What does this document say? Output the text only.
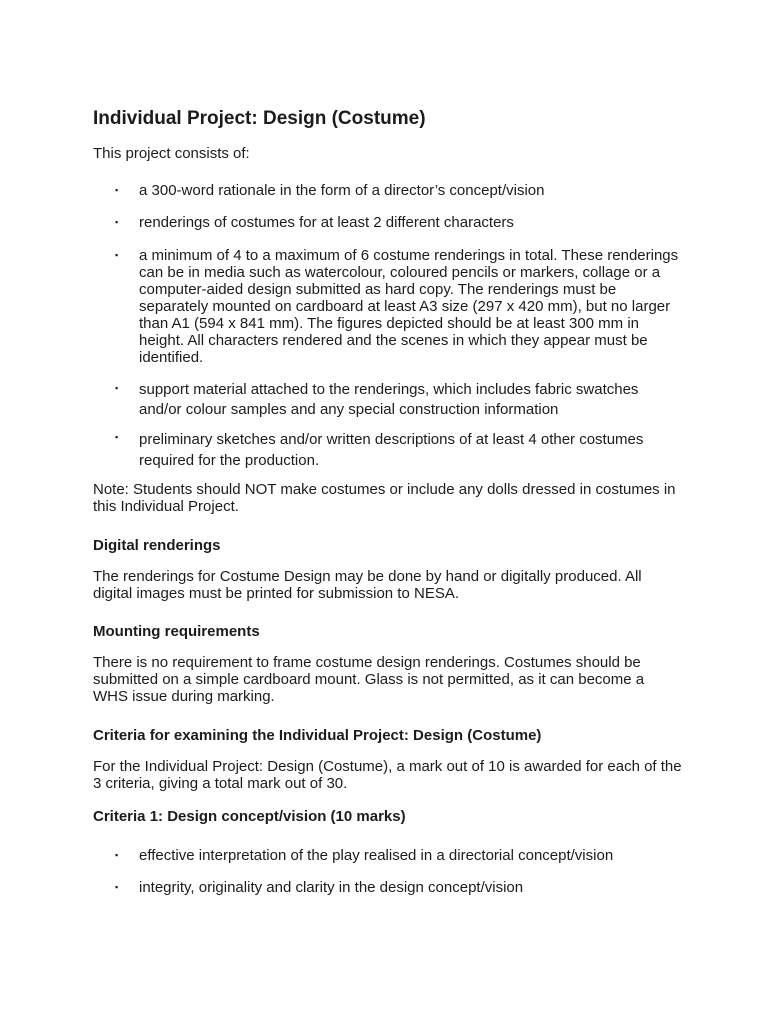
Individual Project: Design (Costume)

This project consists of:

▪ a 300-word rationale in the form of a director’s concept/vision
▪ renderings of costumes for at least 2 different characters
▪ a minimum of 4 to a maximum of 6 costume renderings in total. These renderings can be in media such as watercolour, coloured pencils or markers, collage or a computer-aided design submitted as hard copy. The renderings must be separately mounted on cardboard at least A3 size (297 x 420 mm), but no larger than A1 (594 x 841 mm). The figures depicted should be at least 300 mm in height. All characters rendered and the scenes in which they appear must be identified.
▪ support material attached to the renderings, which includes fabric swatches and/or colour samples and any special construction information
▪ preliminary sketches and/or written descriptions of at least 4 other costumes required for the production.

Note: Students should NOT make costumes or include any dolls dressed in costumes in this Individual Project.

Digital renderings

The renderings for Costume Design may be done by hand or digitally produced. All digital images must be printed for submission to NESA.

Mounting requirements

There is no requirement to frame costume design renderings. Costumes should be submitted on a simple cardboard mount. Glass is not permitted, as it can become a WHS issue during marking.

Criteria for examining the Individual Project: Design (Costume)

For the Individual Project: Design (Costume), a mark out of 10 is awarded for each of the 3 criteria, giving a total mark out of 30.

Criteria 1: Design concept/vision (10 marks)
▪ effective interpretation of the play realised in a directorial concept/vision
▪ integrity, originality and clarity in the design concept/vision
